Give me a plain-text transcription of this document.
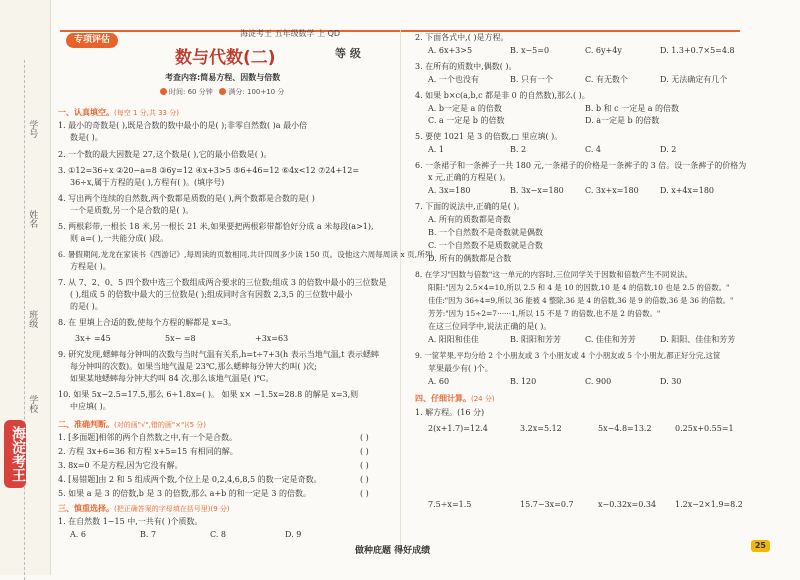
学号
姓名
班级
学校
海淀考王
专项评估
海淀考王 五年级数学 上 QD
数与代数(二)	等 级
考查内容:简易方程、因数与倍数
时间: 60 分钟 满分: 100+10 分
一、认真填空。(每空 1 分,共 33 分)
1. 最小的奇数是( ),既是合数的数中最小的是( );非零自然数( )a 最小倍
数是( )。
2. 一个数的最大因数是 27,这个数是( ),它的最小倍数是( )。
3. ①12=36÷x ②20−a=8 ③6y=12 ④x+3>5 ⑤6+46=12 ⑥4x<12 ⑦24+12=
36÷x,属于方程的是( ),方程有( )。(填序号)
4. 写出两个连续的自然数,两个数都是质数的是( ),两个数都是合数的是( )
一个是质数,另一个是合数的是( )。
5. 两根彩带,一根长 18 米,另一根长 21 米,如果要把两根彩带都恰好分成 a 米每段(a>1),
则 a=( ),一共能分成( )段。
6. 暑假期间,龙龙在家读书《西游记》,每周读的页数相同,共计四周多少读 150 页。设他这六周每周读 x 页,所列
方程是( )。
7. 从 7、2、0、5 四个数中选三个数组成两合要求的三位数;组成 3 的倍数中最小的三位数是
( ),组成 5 的倍数中最大的三位数是( );组成同时含有因数 2,3,5 的三位数中最小
的是( )。
8. 在 里填上合适的数,使每个方程的解都是 x=3。
3x+ =45	5x− =8	+3x=63
9. 研究发现,蟋蟀每分钟叫的次数与当时气温有关系,h=t÷7+3(h 表示当地气温,t 表示蟋蟀
每分钟叫的次数)。如果当地气温是 23℃,那么蟋蟀每分钟大约叫( )次;
如果某地蟋蟀每分钟大约叫 84 次,那么该地气温是( )℃。
10. 如果 5x−2.5=17.5,那么 6÷1.8x=( )。 如果 x× −1.5x=28.8 的解是 x=3,则
中应填( )。
二、准确判断。(对的画"√",错的画"×")(5 分)
1. [多面题]相邻的两个自然数之中,有一个是合数。	( )
2. 方程 3x+6=36 和方程 x+5=15 有相同的解。	( )
3. 8x=0 不是方程,因为它没有解。	( )
4. [易错题]由 2 和 5 组成两个数,个位上是 0,2,4,6,8,5 的数一定是奇数。	( )
5. 如果 a 是 3 的倍数,b 是 3 的倍数,那么 a+b 的和一定是 3 的倍数。	( )
三、慎重选择。(把正确答案的字母填在括号里)(9 分)
1. 在自然数 1~15 中,一共有( )个质数。
A. 6	B. 7	C. 8	D. 9
2. 下面各式中,( )是方程。
A. 6x+3>5	B. x−5=0	C. 6y+4y	D. 1.3+0.7×5=4.8
3. 在所有的质数中,偶数( )。
A. 一个也没有	B. 只有一个	C. 有无数个	D. 无法确定有几个
4. 如果 b×c(a,b,c 都是非 0 的自然数),那么( )。
A. b一定是 a 的倍数	B. b 和 c 一定是 a 的倍数
C. a 一定是 b 的倍数	D. a一定是 b 的倍数
5. 要使 1021 是 3 的倍数,□ 里应填( )。
A. 1	B. 2	C. 4	D. 2
6. 一条裙子和一条裤子一共 180 元,一条裙子的价格是一条裤子的 3 倍。设一条裤子的价格为
x 元,正确的方程是( )。
A. 3x=180	B. 3x−x=180	C. 3x+x=180	D. x+4x=180
7. 下面的说法中,正确的是( )。
A. 所有的质数都是奇数
B. 一个自然数不是奇数就是偶数
C. 一个自然数不是质数就是合数
D. 所有的偶数都是合数
8. 在学习"因数与倍数"这一单元的内容时,三位同学关于因数和倍数产生不同说法。
阳阳:"因为 2.5×4=10,所以 2.5 和 4 是 10 的因数,10 是 4 的倍数,10 也是 2.5 的倍数。"
佳佳:"因为 36÷4=9,所以 36 能被 4 整除,36 是 4 的倍数,36 是 9 的倍数,36 是 36 的倍数。"
芳芳:"因为 15÷2=7······1,所以 15 不是 7 的倍数,也不是 2 的倍数。"
在这三位同学中,说法正确的是( )。
A. 阳阳和佳佳	B. 阳阳和芳芳	C. 佳佳和芳芳	D. 阳阳、佳佳和芳芳
9. 一筐苹果,平均分给 2 个小朋友或 3 个小朋友或 4 个小朋友或 5 个小朋友,都正好分完,这筐
苹果最少有( )个。
A. 60	B. 120	C. 900	D. 30
四、仔细计算。(24 分)
1. 解方程。(16 分)
2(x+1.7)=12.4	3.2x=5.12	5x−4.8=13.2	0.25x+0.55=1
7.5÷x=1.5	15.7−3x=0.7	x−0.32x=0.34 1.2x−2×1.9=8.2
做种庇题 得好成绩
25
